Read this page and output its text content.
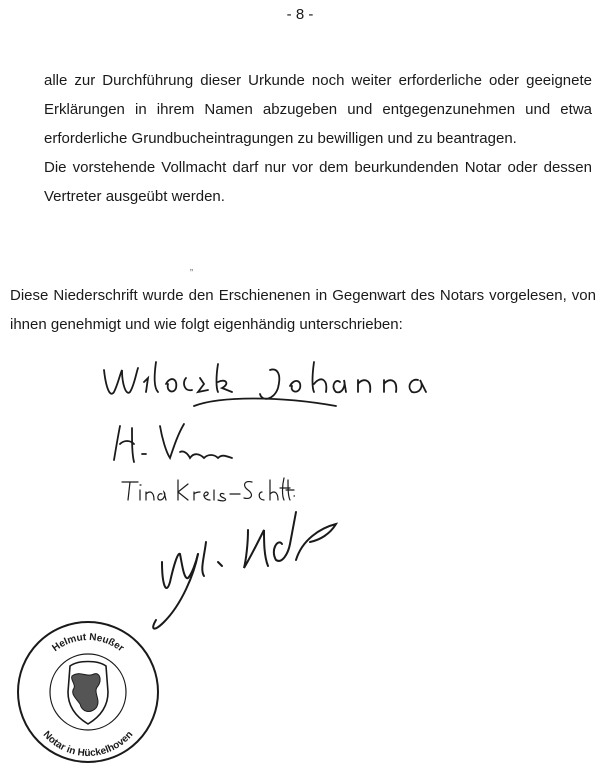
- 8 -
alle zur Durchführung dieser Urkunde noch weiter erforderliche oder geeignete Erklärungen in ihrem Namen abzugeben und entgegenzunehmen und etwa erforderliche Grundbucheintragungen zu bewilligen und zu beantragen.
Die vorstehende Vollmacht darf nur vor dem beurkundenden Notar oder dessen Vertreter ausgeübt werden.
„

Diese Niederschrift wurde den Erschienenen in Gegenwart des Notars vorgelesen, von ihnen genehmigt und wie folgt eigenhändig unterschrieben:

Helmut Neußer
Notar in Hückelhoven
